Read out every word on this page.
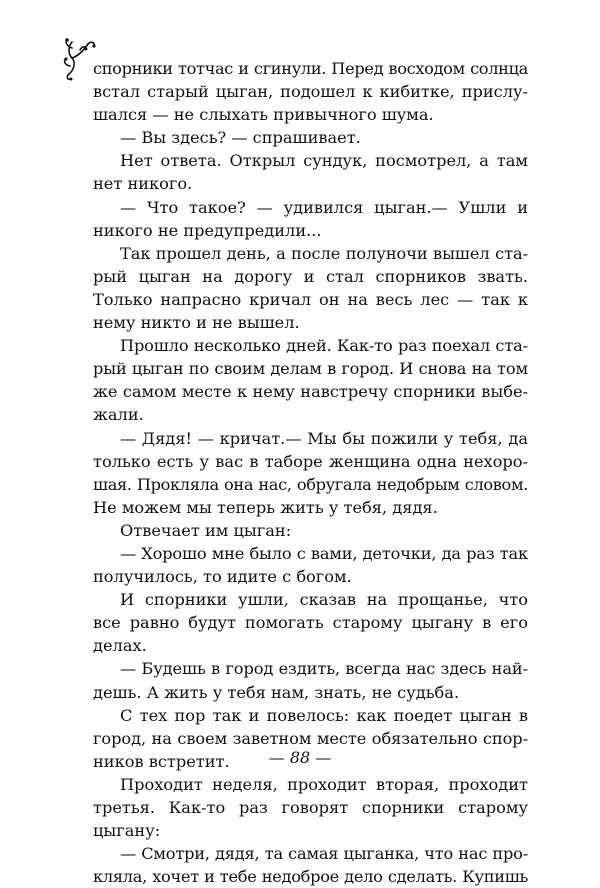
спорники тотчас и сгинули. Перед восходом солнца
встал старый цыган, подошел к кибитке, прислу-
шался — не слыхать привычного шума.
— Вы здесь? — спрашивает.
Нет ответа. Открыл сундук, посмотрел, а там
нет никого.
— Что такое? — удивился цыган.— Ушли и
никого не предупредили...
Так прошел день, а после полуночи вышел ста-
рый цыган на дорогу и стал спорников звать.
Только напрасно кричал он на весь лес — так к
нему никто и не вышел.
Прошло несколько дней. Как-то раз поехал ста-
рый цыган по своим делам в город. И снова на том
же самом месте к нему навстречу спорники выбе-
жали.
— Дядя! — кричат.— Мы бы пожили у тебя, да
только есть у вас в таборе женщина одна нехоро-
шая. Прокляла она нас, обругала недобрым словом.
Не можем мы теперь жить у тебя, дядя.
Отвечает им цыган:
— Хорошо мне было с вами, деточки, да раз так
получилось, то идите с богом.
И спорники ушли, сказав на прощанье, что
все равно будут помогать старому цыгану в его
делах.
— Будешь в город ездить, всегда нас здесь най-
дешь. А жить у тебя нам, знать, не судьба.
С тех пор так и повелось: как поедет цыган в
город, на своем заветном месте обязательно спор-
ников встретит.
Проходит неделя, проходит вторая, проходит
третья. Как-то раз говорят спорники старому
цыгану:
— Смотри, дядя, та самая цыганка, что нас про-
кляла, хочет и тебе недоброе дело сделать. Купишь
— 88 —
